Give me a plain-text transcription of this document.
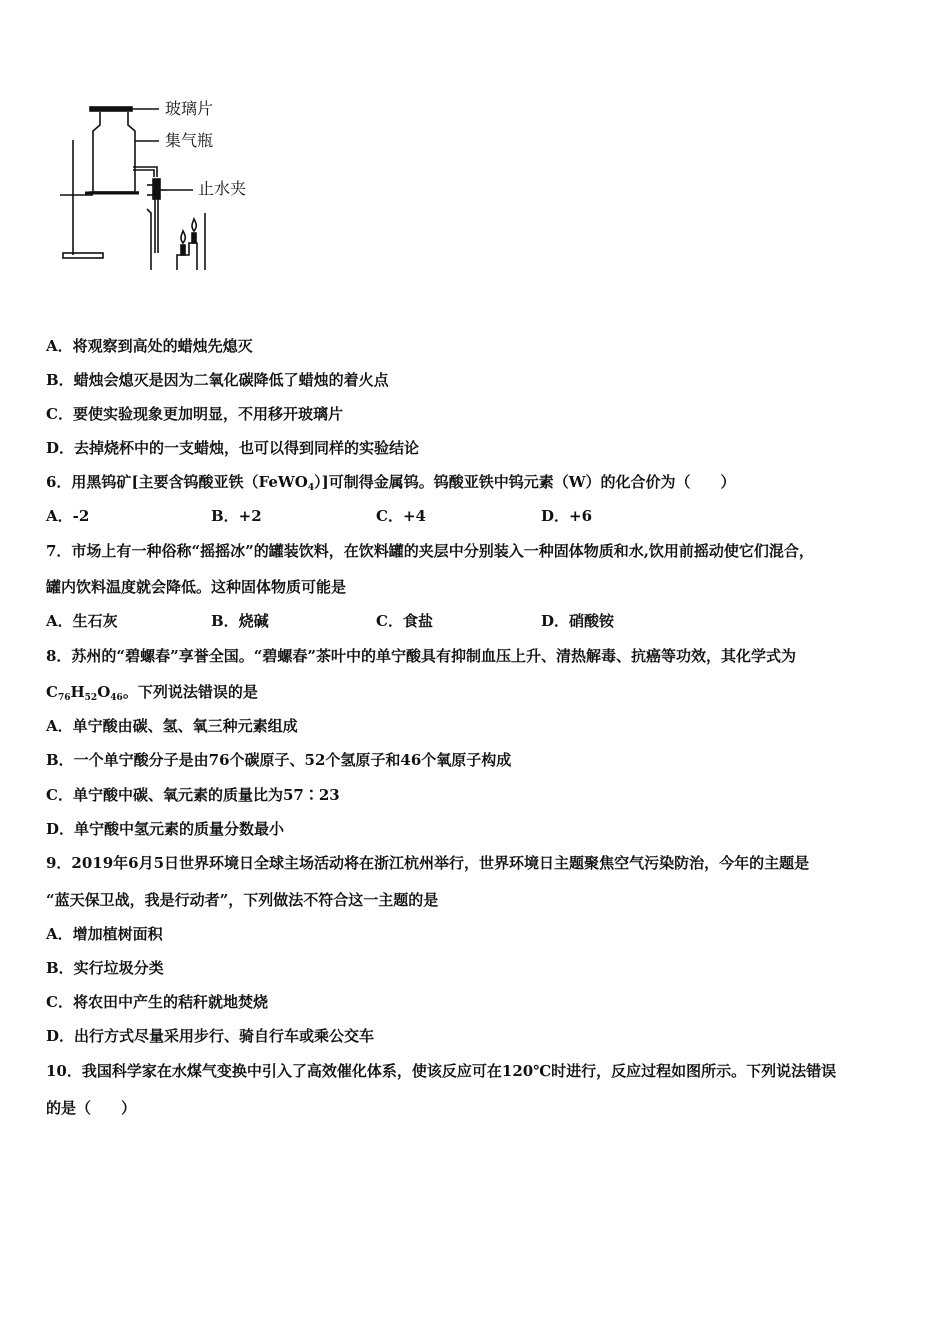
玻璃片
集气瓶
止水夹
A．将观察到高处的蜡烛先熄灭
B．蜡烛会熄灭是因为二氧化碳降低了蜡烛的着火点
C．要使实验现象更加明显，不用移开玻璃片
D．去掉烧杯中的一支蜡烛，也可以得到同样的实验结论
6．用黑钨矿[主要含钨酸亚铁（FeWO$_4$）]可制得金属钨。钨酸亚铁中钨元素（W）的化合价为（　　）
A．-2	B．+2	C．+4	D．+6
7．市场上有一种俗称“摇摇冰”的罐装饮料，在饮料罐的夹层中分别装入一种固体物质和水,饮用前摇动使它们混合，
罐内饮料温度就会降低。这种固体物质可能是
A．生石灰	B．烧碱	C．食盐	D．硝酸铵
8．苏州的“碧螺春”享誉全国。“碧螺春”茶叶中的单宁酸具有抑制血压上升、清热解毒、抗癌等功效，其化学式为
$C_{76}H_{52}O_{46}$。下列说法错误的是
A．单宁酸由碳、氢、氧三种元素组成
B．一个单宁酸分子是由76个碳原子、52个氢原子和46个氧原子构成
C．单宁酸中碳、氧元素的质量比为57∶23
D．单宁酸中氢元素的质量分数最小
9．2019年6月5日世界环境日全球主场活动将在浙江杭州举行，世界环境日主题聚焦空气污染防治，今年的主题是
“蓝天保卫战，我是行动者”，下列做法不符合这一主题的是
A．增加植树面积
B．实行垃圾分类
C．将农田中产生的秸秆就地焚烧
D．出行方式尽量采用步行、骑自行车或乘公交车
10．我国科学家在水煤气变换中引入了高效催化体系，使该反应可在120℃时进行，反应过程如图所示。下列说法错误
的是（　　）
